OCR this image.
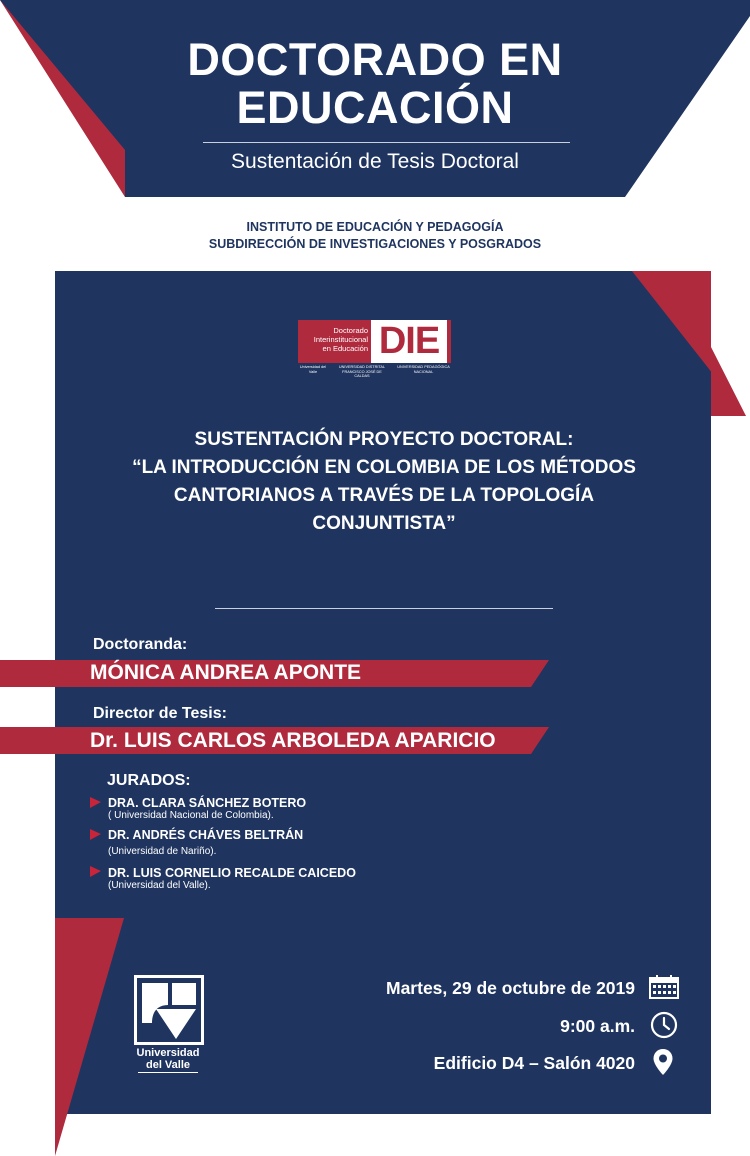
DOCTORADO EN
EDUCACIÓN
Sustentación de Tesis Doctoral
INSTITUTO DE EDUCACIÓN Y PEDAGOGÍA
SUBDIRECCIÓN DE INVESTIGACIONES Y POSGRADOS
Doctorado
Interinstitucional
en Educación DIE
Universidad del Valle
UNIVERSIDAD DISTRITAL FRANCISCO JOSÉ DE CALDAS
UNIVERSIDAD PEDAGÓGICA NACIONAL
SUSTENTACIÓN PROYECTO DOCTORAL:
“LA INTRODUCCIÓN EN COLOMBIA DE LOS MÉTODOS
CANTORIANOS A TRAVÉS DE LA TOPOLOGÍA
CONJUNTISTA”
Doctoranda:
MÓNICA ANDREA APONTE
Director de Tesis:
Dr. LUIS CARLOS ARBOLEDA APARICIO
JURADOS:
DRA. CLARA SÁNCHEZ BOTERO
( Universidad Nacional de Colombia).
DR. ANDRÉS CHÁVES BELTRÁN
(Universidad de Nariño).
DR. LUIS CORNELIO RECALDE CAICEDO
(Universidad del Valle).
Universidad
del Valle
Martes, 29 de octubre de 2019
9:00 a.m.
Edificio D4 – Salón 4020
